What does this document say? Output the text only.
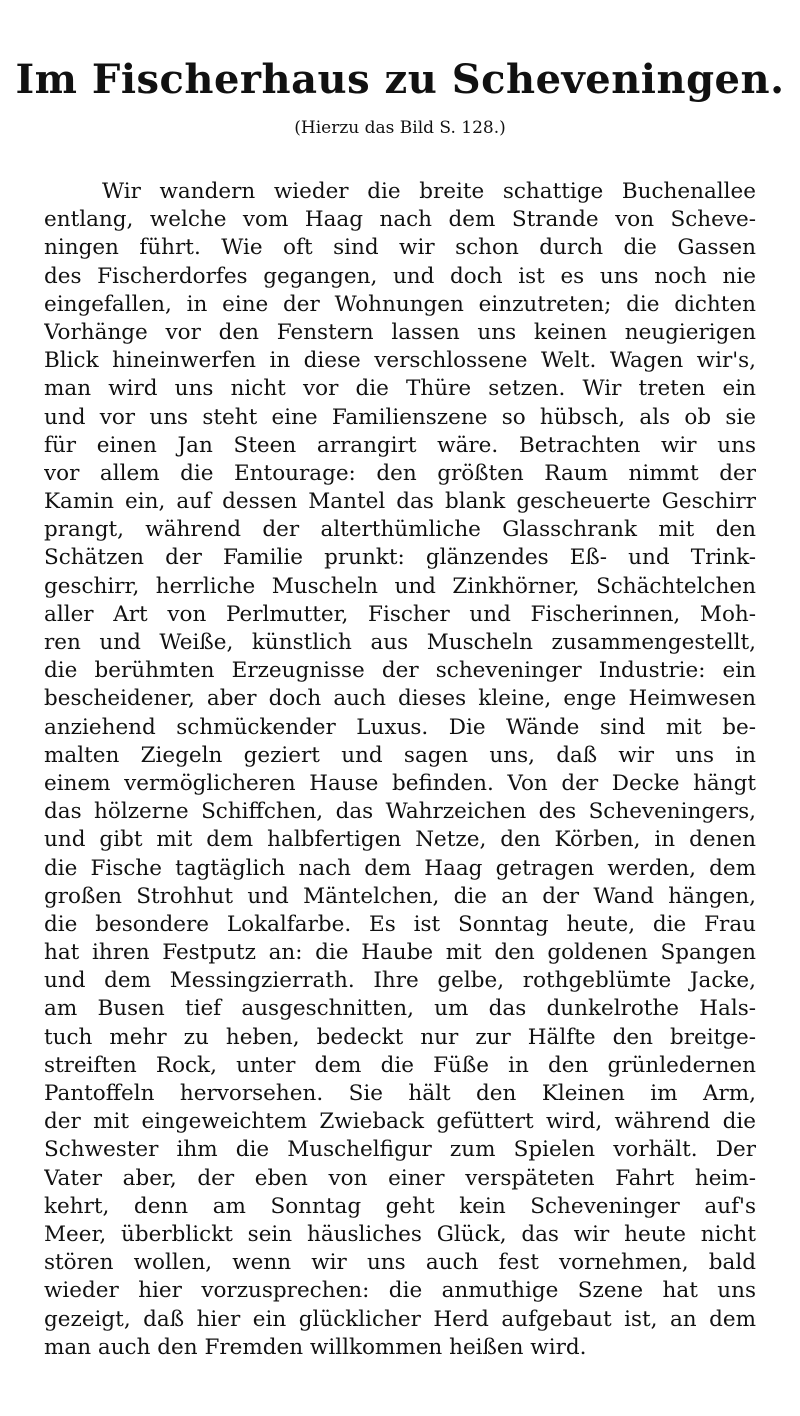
Im Fischerhaus zu Scheveningen.
(Hierzu das Bild S. 128.)
Wir wandern wieder die breite schattige Buchenallee
entlang, welche vom Haag nach dem Strande von Scheve-
ningen führt. Wie oft sind wir schon durch die Gassen
des Fischerdorfes gegangen, und doch ist es uns noch nie
eingefallen, in eine der Wohnungen einzutreten; die dichten
Vorhänge vor den Fenstern lassen uns keinen neugierigen
Blick hineinwerfen in diese verschlossene Welt. Wagen wir's,
man wird uns nicht vor die Thüre setzen. Wir treten ein
und vor uns steht eine Familienszene so hübsch, als ob sie
für einen Jan Steen arrangirt wäre. Betrachten wir uns
vor allem die Entourage: den größten Raum nimmt der
Kamin ein, auf dessen Mantel das blank gescheuerte Geschirr
prangt, während der alterthümliche Glasschrank mit den
Schätzen der Familie prunkt: glänzendes Eß- und Trink-
geschirr, herrliche Muscheln und Zinkhörner, Schächtelchen
aller Art von Perlmutter, Fischer und Fischerinnen, Moh-
ren und Weiße, künstlich aus Muscheln zusammengestellt,
die berühmten Erzeugnisse der scheveninger Industrie: ein
bescheidener, aber doch auch dieses kleine, enge Heimwesen
anziehend schmückender Luxus. Die Wände sind mit be-
malten Ziegeln geziert und sagen uns, daß wir uns in
einem vermöglicheren Hause befinden. Von der Decke hängt
das hölzerne Schiffchen, das Wahrzeichen des Scheveningers,
und gibt mit dem halbfertigen Netze, den Körben, in denen
die Fische tagtäglich nach dem Haag getragen werden, dem
großen Strohhut und Mäntelchen, die an der Wand hängen,
die besondere Lokalfarbe. Es ist Sonntag heute, die Frau
hat ihren Festputz an: die Haube mit den goldenen Spangen
und dem Messingzierrath. Ihre gelbe, rothgeblümte Jacke,
am Busen tief ausgeschnitten, um das dunkelrothe Hals-
tuch mehr zu heben, bedeckt nur zur Hälfte den breitge-
streiften Rock, unter dem die Füße in den grünledernen
Pantoffeln hervorsehen. Sie hält den Kleinen im Arm,
der mit eingeweichtem Zwieback gefüttert wird, während die
Schwester ihm die Muschelfigur zum Spielen vorhält. Der
Vater aber, der eben von einer verspäteten Fahrt heim-
kehrt, denn am Sonntag geht kein Scheveninger auf's
Meer, überblickt sein häusliches Glück, das wir heute nicht
stören wollen, wenn wir uns auch fest vornehmen, bald
wieder hier vorzusprechen: die anmuthige Szene hat uns
gezeigt, daß hier ein glücklicher Herd aufgebaut ist, an dem
man auch den Fremden willkommen heißen wird.
